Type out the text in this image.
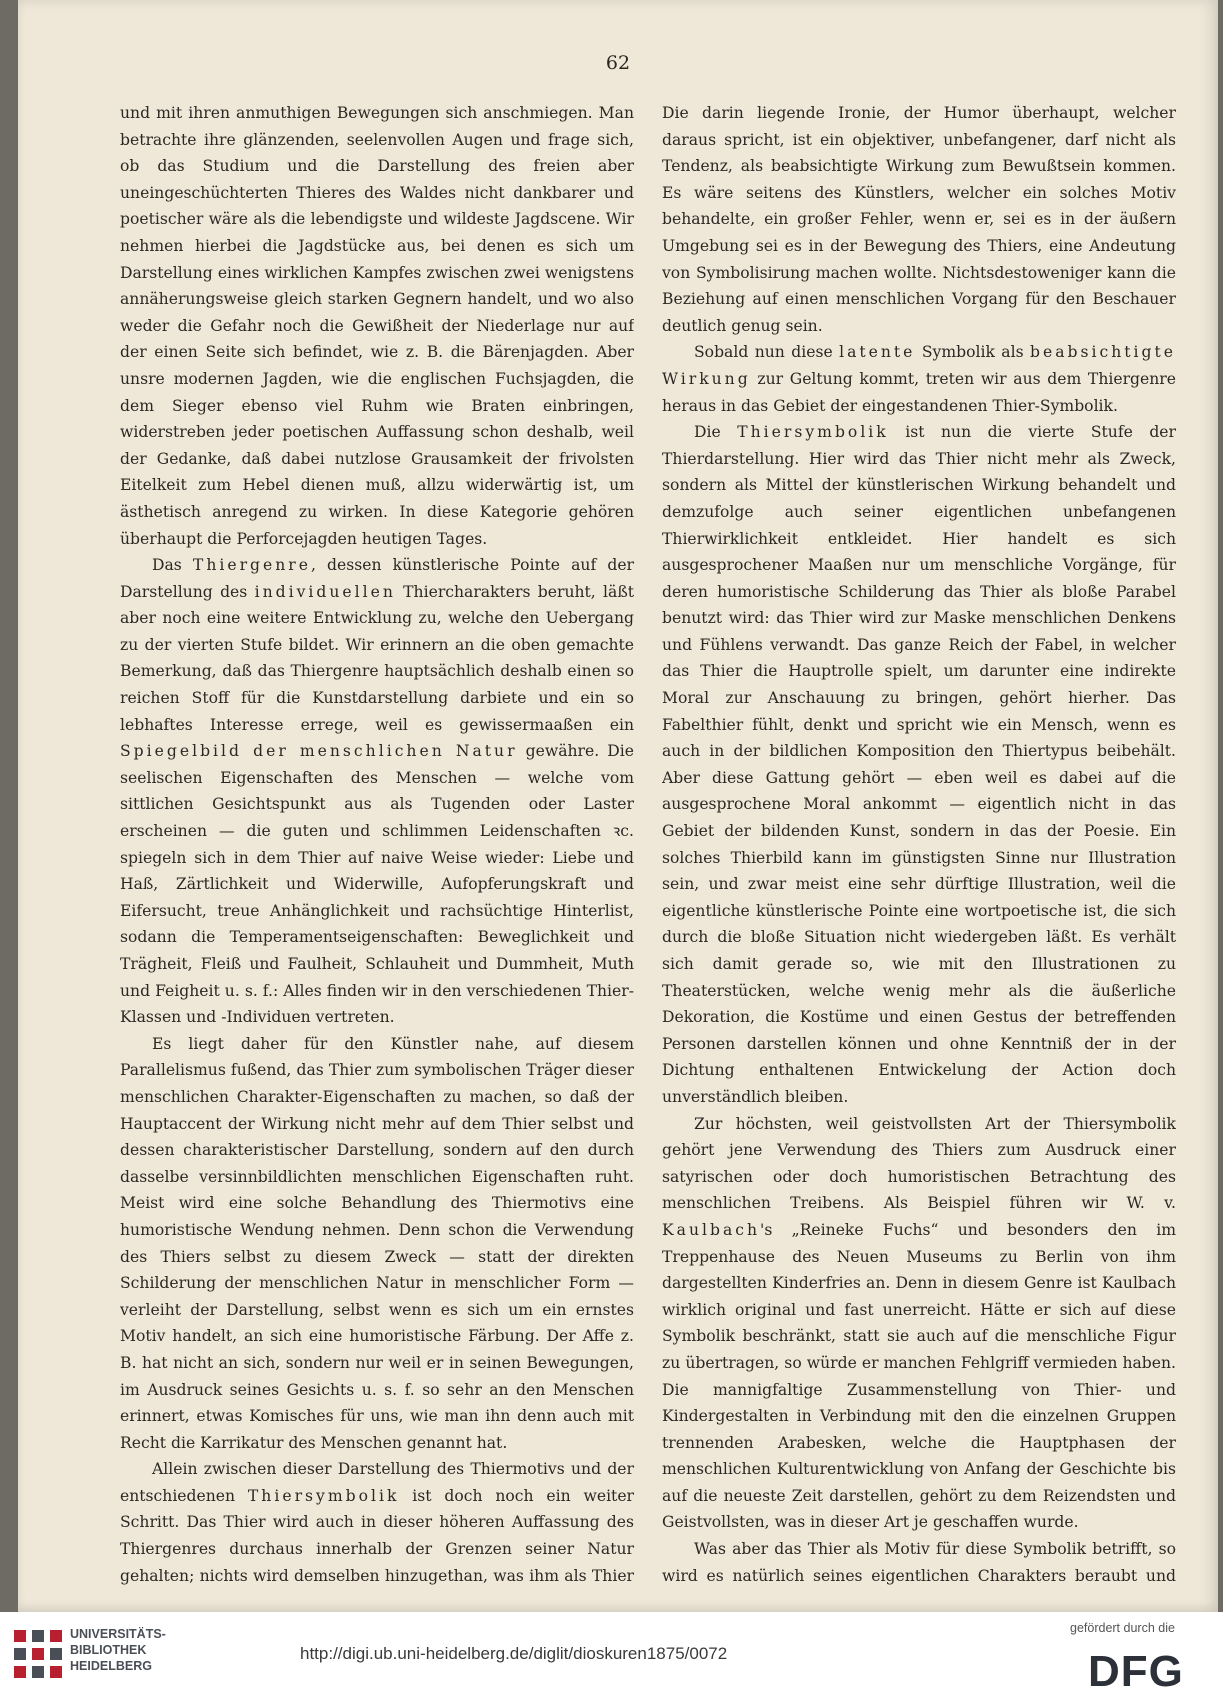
62

und mit ihren anmuthigen Bewegungen sich anschmiegen. Man betrachte ihre glänzenden, seelenvollen Augen und frage sich, ob das Studium und die Darstellung des freien aber uneingeschüchterten Thieres des Waldes nicht dankbarer und poetischer wäre als die lebendigste und wildeste Jagdscene. Wir nehmen hierbei die Jagdstücke aus, bei denen es sich um Darstellung eines wirklichen Kampfes zwischen zwei wenigstens annäherungsweise gleich starken Gegnern handelt, und wo also weder die Gefahr noch die Gewißheit der Niederlage nur auf der einen Seite sich befindet, wie z. B. die Bärenjagden. Aber unsre modernen Jagden, wie die englischen Fuchsjagden, die dem Sieger ebenso viel Ruhm wie Braten einbringen, widerstreben jeder poetischen Auffassung schon deshalb, weil der Gedanke, daß dabei nutzlose Grausamkeit der frivolsten Eitelkeit zum Hebel dienen muß, allzu widerwärtig ist, um ästhetisch anregend zu wirken. In diese Kategorie gehören überhaupt die Perforcejagden heutigen Tages.

Das Thiergenre, dessen künstlerische Pointe auf der Darstellung des individuellen Thiercharakters beruht, läßt aber noch eine weitere Entwicklung zu, welche den Uebergang zu der vierten Stufe bildet. Wir erinnern an die oben gemachte Bemerkung, daß das Thiergenre hauptsächlich deshalb einen so reichen Stoff für die Kunstdarstellung darbiete und ein so lebhaftes Interesse errege, weil es gewissermaaßen ein Spiegelbild der menschlichen Natur gewähre. Die seelischen Eigenschaften des Menschen — welche vom sittlichen Gesichtspunkt aus als Tugenden oder Laster erscheinen — die guten und schlimmen Leidenschaften ꝛc. spiegeln sich in dem Thier auf naive Weise wieder: Liebe und Haß, Zärtlichkeit und Widerwille, Aufopferungskraft und Eifersucht, treue Anhänglichkeit und rachsüchtige Hinterlist, sodann die Temperamentseigenschaften: Beweglichkeit und Trägheit, Fleiß und Faulheit, Schlauheit und Dummheit, Muth und Feigheit u. s. f.: Alles finden wir in den verschiedenen Thier-Klassen und -Individuen vertreten.

Es liegt daher für den Künstler nahe, auf diesem Parallelismus fußend, das Thier zum symbolischen Träger dieser menschlichen Charakter-Eigenschaften zu machen, so daß der Hauptaccent der Wirkung nicht mehr auf dem Thier selbst und dessen charakteristischer Darstellung, sondern auf den durch dasselbe versinnbildlichten menschlichen Eigenschaften ruht. Meist wird eine solche Behandlung des Thiermotivs eine humoristische Wendung nehmen. Denn schon die Verwendung des Thiers selbst zu diesem Zweck — statt der direkten Schilderung der menschlichen Natur in menschlicher Form — verleiht der Darstellung, selbst wenn es sich um ein ernstes Motiv handelt, an sich eine humoristische Färbung. Der Affe z. B. hat nicht an sich, sondern nur weil er in seinen Bewegungen, im Ausdruck seines Gesichts u. s. f. so sehr an den Menschen erinnert, etwas Komisches für uns, wie man ihn denn auch mit Recht die Karrikatur des Menschen genannt hat.

Allein zwischen dieser Darstellung des Thiermotivs und der entschiedenen Thiersymbolik ist doch noch ein weiter Schritt. Das Thier wird auch in dieser höheren Auffassung des Thiergenres durchaus innerhalb der Grenzen seiner Natur gehalten; nichts wird demselben hinzugethan, was ihm als Thier

Die darin liegende Ironie, der Humor überhaupt, welcher daraus spricht, ist ein objektiver, unbefangener, darf nicht als Tendenz, als beabsichtigte Wirkung zum Bewußtsein kommen. Es wäre seitens des Künstlers, welcher ein solches Motiv behandelte, ein großer Fehler, wenn er, sei es in der äußern Umgebung sei es in der Bewegung des Thiers, eine Andeutung von Symbolisirung machen wollte. Nichtsdestoweniger kann die Beziehung auf einen menschlichen Vorgang für den Beschauer deutlich genug sein.

Sobald nun diese latente Symbolik als beabsichtigte Wirkung zur Geltung kommt, treten wir aus dem Thiergenre heraus in das Gebiet der eingestandenen Thier-Symbolik.

Die Thiersymbolik ist nun die vierte Stufe der Thierdarstellung. Hier wird das Thier nicht mehr als Zweck, sondern als Mittel der künstlerischen Wirkung behandelt und demzufolge auch seiner eigentlichen unbefangenen Thierwirklichkeit entkleidet. Hier handelt es sich ausgesprochener Maaßen nur um menschliche Vorgänge, für deren humoristische Schilderung das Thier als bloße Parabel benutzt wird: das Thier wird zur Maske menschlichen Denkens und Fühlens verwandt. Das ganze Reich der Fabel, in welcher das Thier die Hauptrolle spielt, um darunter eine indirekte Moral zur Anschauung zu bringen, gehört hierher. Das Fabelthier fühlt, denkt und spricht wie ein Mensch, wenn es auch in der bildlichen Komposition den Thiertypus beibehält. Aber diese Gattung gehört — eben weil es dabei auf die ausgesprochene Moral ankommt — eigentlich nicht in das Gebiet der bildenden Kunst, sondern in das der Poesie. Ein solches Thierbild kann im günstigsten Sinne nur Illustration sein, und zwar meist eine sehr dürftige Illustration, weil die eigentliche künstlerische Pointe eine wortpoetische ist, die sich durch die bloße Situation nicht wiedergeben läßt. Es verhält sich damit gerade so, wie mit den Illustrationen zu Theaterstücken, welche wenig mehr als die äußerliche Dekoration, die Kostüme und einen Gestus der betreffenden Personen darstellen können und ohne Kenntniß der in der Dichtung enthaltenen Entwickelung der Action doch unverständlich bleiben.

Zur höchsten, weil geistvollsten Art der Thiersymbolik gehört jene Verwendung des Thiers zum Ausdruck einer satyrischen oder doch humoristischen Betrachtung des menschlichen Treibens. Als Beispiel führen wir W. v. Kaulbach's „Reineke Fuchs“ und besonders den im Treppenhause des Neuen Museums zu Berlin von ihm dargestellten Kinderfries an. Denn in diesem Genre ist Kaulbach wirklich original und fast unerreicht. Hätte er sich auf diese Symbolik beschränkt, statt sie auch auf die menschliche Figur zu übertragen, so würde er manchen Fehlgriff vermieden haben. Die mannigfaltige Zusammenstellung von Thier- und Kindergestalten in Verbindung mit den die einzelnen Gruppen trennenden Arabesken, welche die Hauptphasen der menschlichen Kulturentwicklung von Anfang der Geschichte bis auf die neueste Zeit darstellen, gehört zu dem Reizendsten und Geistvollsten, was in dieser Art je geschaffen wurde.

Was aber das Thier als Motiv für diese Symbolik betrifft, so wird es natürlich seines eigentlichen Charakters beraubt und

UNIVERSITÄTS-
BIBLIOTHEK
HEIDELBERG
http://digi.ub.uni-heidelberg.de/diglit/dioskuren1875/0072
gefördert durch die
DFG
